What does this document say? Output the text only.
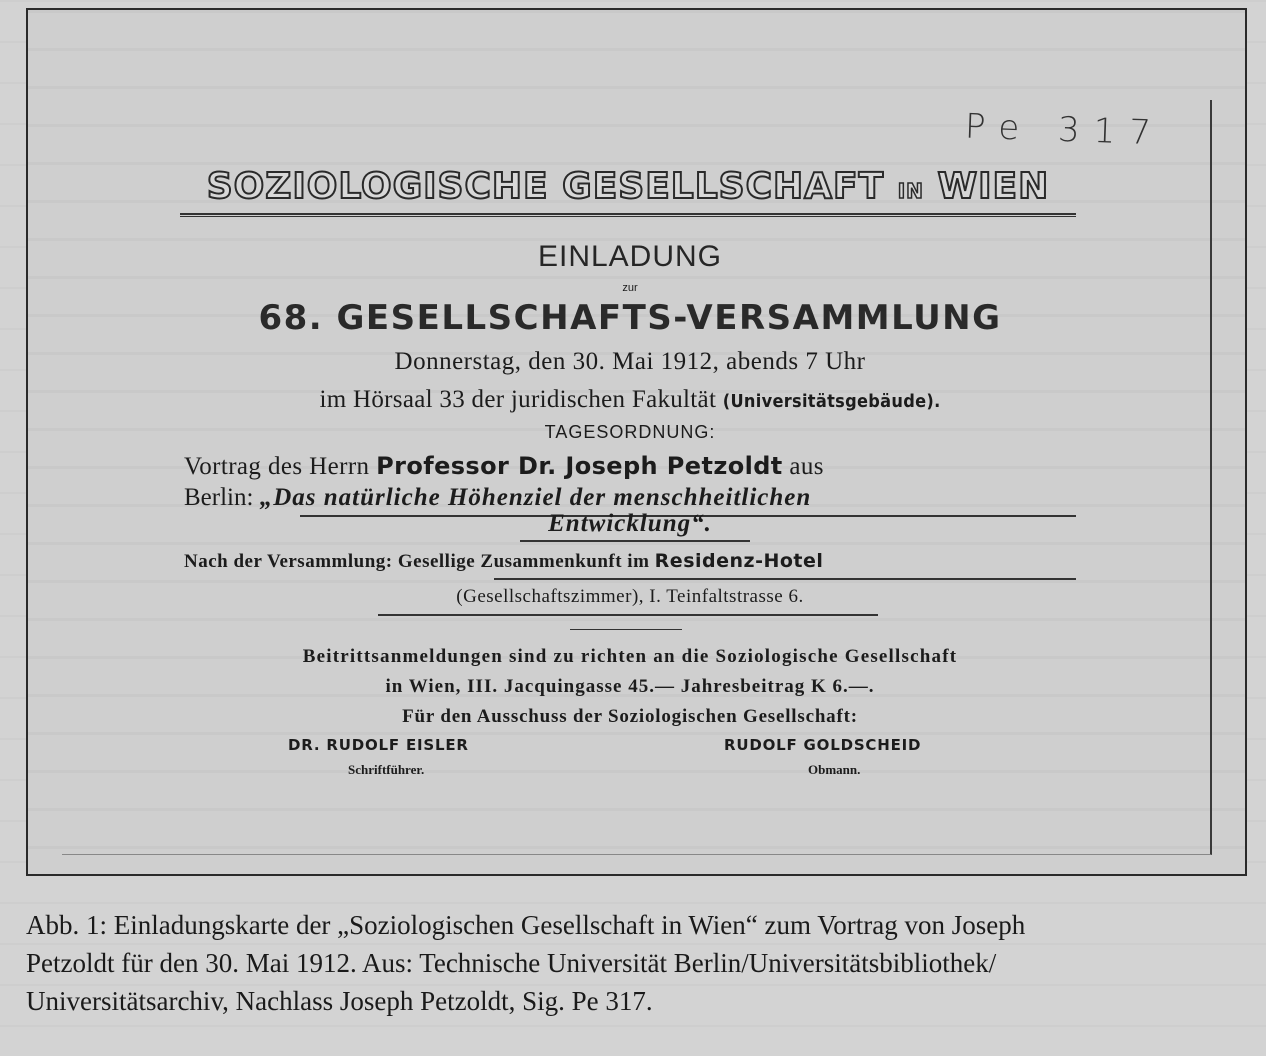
Pe 317
SOZIOLOGISCHE GESELLSCHAFT IN WIEN
EINLADUNG
zur
68. GESELLSCHAFTS-VERSAMMLUNG
Donnerstag, den 30. Mai 1912, abends 7 Uhr
im Hörsaal 33 der juridischen Fakultät (Universitätsgebäude).
TAGESORDNUNG:
Vortrag des Herrn Professor Dr. Joseph Petzoldt aus
Berlin: „Das natürliche Höhenziel der menschheitlichen
Entwicklung“.
Nach der Versammlung: Gesellige Zusammenkunft im Residenz-Hotel
(Gesellschaftszimmer), I. Teinfaltstrasse 6.
Beitrittsanmeldungen sind zu richten an die Soziologische Gesellschaft
in Wien, III. Jacquingasse 45.— Jahresbeitrag K 6.—.
Für den Ausschuss der Soziologischen Gesellschaft:
DR. RUDOLF EISLER
Schriftführer.
RUDOLF GOLDSCHEID
Obmann.
Abb. 1: Einladungskarte der „Soziologischen Gesellschaft in Wien“ zum Vortrag von Joseph
Petzoldt für den 30. Mai 1912. Aus: Technische Universität Berlin/Universitätsbibliothek/
Universitätsarchiv, Nachlass Joseph Petzoldt, Sig. Pe 317.
